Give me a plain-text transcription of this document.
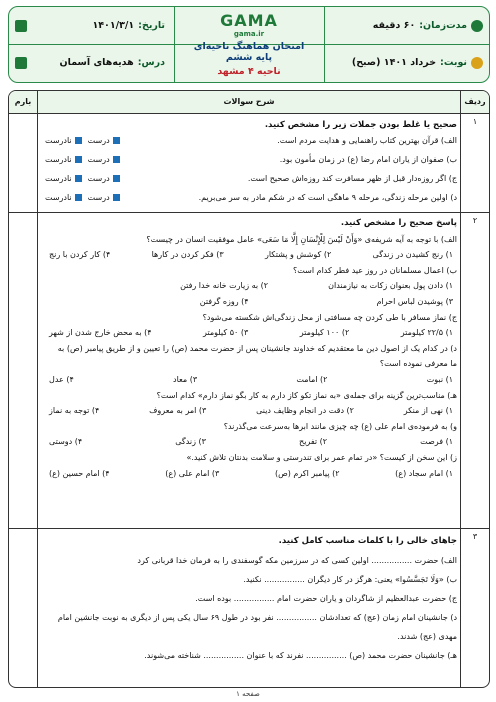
مدت‌زمان:
۶۰ دقیقه
تاریخ:
۱۴۰۱/۳/۱
نوبت:
خرداد ۱۴۰۱ (صبح)
درس:
هدیه‌های آسمان
GAMA
gama.ir
امتحان هماهنگ ناحیه‌ای پایه ششم
ناحیه ۴ مشهد
ردیف
شرح سوالات
بارم
۱
صحیح یا غلط بودن جملات زیر را مشخص کنید.
الف) قرآن بهترین کتاب راهنمایی و هدایت مردم است.
درست
نادرست
ب) صفوان از یاران امام رضا (ع) در زمان مأمون بود.
درست
نادرست
ج) اگر روزه‌دار قبل از ظهر مسافرت کند روزه‌اش صحیح است.
درست
نادرست
د) اولین مرحله زندگی، مرحله ۹ ماهگی است که در شکم مادر به سر می‌بریم.
درست
نادرست
۲
پاسخ صحیح را مشخص کنید.
الف) با توجه به آیه شریفه‌ی «وَأَنْ لَيْسَ لِلْإِنْسَانِ إِلَّا مَا سَعَى» عامل موفقیت انسان در چیست؟
۱) رنج کشیدن در زندگی
۲) کوشش و پشتکار
۳) فکر کردن در کارها
۴) کار کردن با رنج
ب) اعمال مسلمانان در روز عید فطر کدام است؟
۱) دادن پول بعنوان زکات به نیازمندان
۲) به زیارت خانه خدا رفتن
۳) پوشیدن لباس احرام
۴) روزه گرفتن
ج) نماز مسافر با طی کردن چه مسافتی از محل زندگی‌اش شکسته می‌شود؟
۱) ۲۲/۵ کیلومتر
۲) ۱۰۰ کیلومتر
۳) ۵۰ کیلومتر
۴) به محض خارج شدن از شهر
د) در کدام یک از اصول دین ما معتقدیم که خداوند جانشینان پس از حضرت محمد (ص) را تعیین و از طریق پیامبر (ص) به
ما معرفی نموده است؟
۱) نبوت
۲) امامت
۳) معاد
۴) عدل
هـ) مناسب‌ترین گزینه برای جمله‌ی «به نماز تکو کاز دارم به کار بگو نماز دارم» کدام است؟
۱) نهی از منکر
۲) دقت در انجام وظایف دینی
۳) امر به معروف
۴) توجه به نماز
و) به فرموده‌ی امام علی (ع) چه چیزی مانند ابرها به‌سرعت می‌گذرند؟
۱) فرصت
۲) تفریح
۳) زندگی
۴) دوستی
ز) این سخن از کیست؟ «در تمام عمر برای تندرستی و سلامت بدنتان تلاش کنید.»
۱) امام سجاد (ع)
۲) پیامبر اکرم (ص)
۳) امام علی (ع)
۴) امام حسین (ع)
۳
جاهای خالی را با کلمات مناسب کامل کنید.
الف) حضرت ................ اولین کسی که در سرزمین مکه گوسفندی را به فرمان خدا قربانی کرد
ب) «وَلَا تَجَسَّسُوا» یعنی: هرگز در کار دیگران ................ نکنید.
ج) حضرت عبدالعظیم از شاگردان و یاران حضرت امام ................ بوده است.
د) جانشینان امام زمان (عج) که تعدادشان ................ نفر بود در طول ۶۹ سال یکی پس از دیگری به نوبت جانشین امام
مهدی (عج) شدند.
هـ) جانشینان حضرت محمد (ص) ................ نفرند که با عنوان ................ شناخته می‌شوند.
صفحه ۱
